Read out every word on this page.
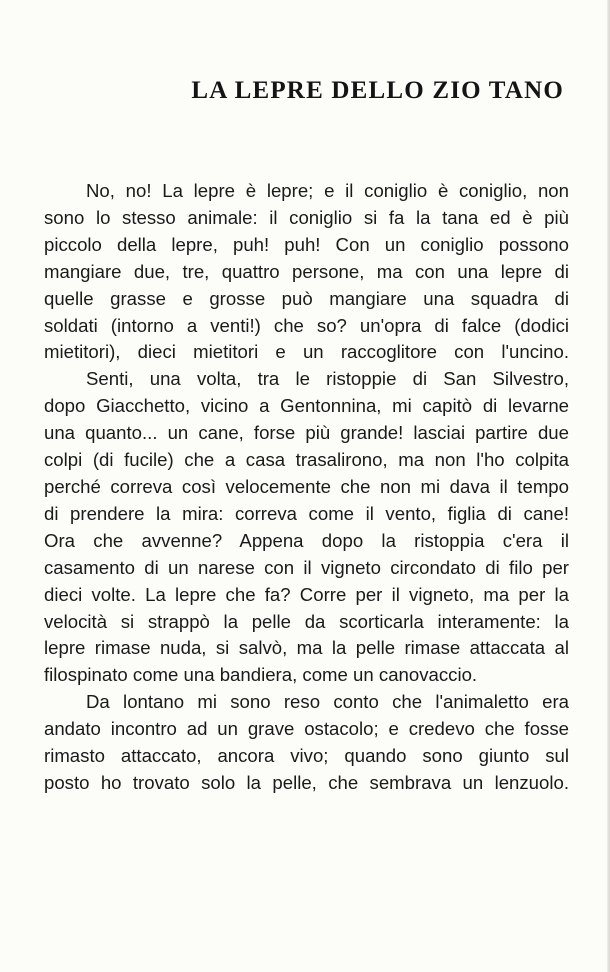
LA LEPRE DELLO ZIO TANO

No, no! La lepre è lepre; e il coniglio è coniglio, non
sono lo stesso animale: il coniglio si fa la tana ed è più
piccolo della lepre, puh! puh! Con un coniglio possono
mangiare due, tre, quattro persone, ma con una lepre di
quelle grasse e grosse può mangiare una squadra di
soldati (intorno a venti!) che so? un'opra di falce (dodici
mietitori), dieci mietitori e un raccoglitore con l'uncino.

Senti, una volta, tra le ristoppie di San Silvestro,
dopo Giacchetto, vicino a Gentonnina, mi capitò di levarne
una quanto... un cane, forse più grande! lasciai partire due
colpi (di fucile) che a casa trasalirono, ma non l'ho colpita
perché correva così velocemente che non mi dava il tempo
di prendere la mira: correva come il vento, figlia di cane!
Ora che avvenne? Appena dopo la ristoppia c'era il
casamento di un narese con il vigneto circondato di filo per
dieci volte. La lepre che fa? Corre per il vigneto, ma per la
velocità si strappò la pelle da scorticarla interamente: la
lepre rimase nuda, si salvò, ma la pelle rimase attaccata al
filospinato come una bandiera, come un canovaccio.

Da lontano mi sono reso conto che l'animaletto era
andato incontro ad un grave ostacolo; e credevo che fosse
rimasto attaccato, ancora vivo; quando sono giunto sul
posto ho trovato solo la pelle, che sembrava un lenzuolo.
